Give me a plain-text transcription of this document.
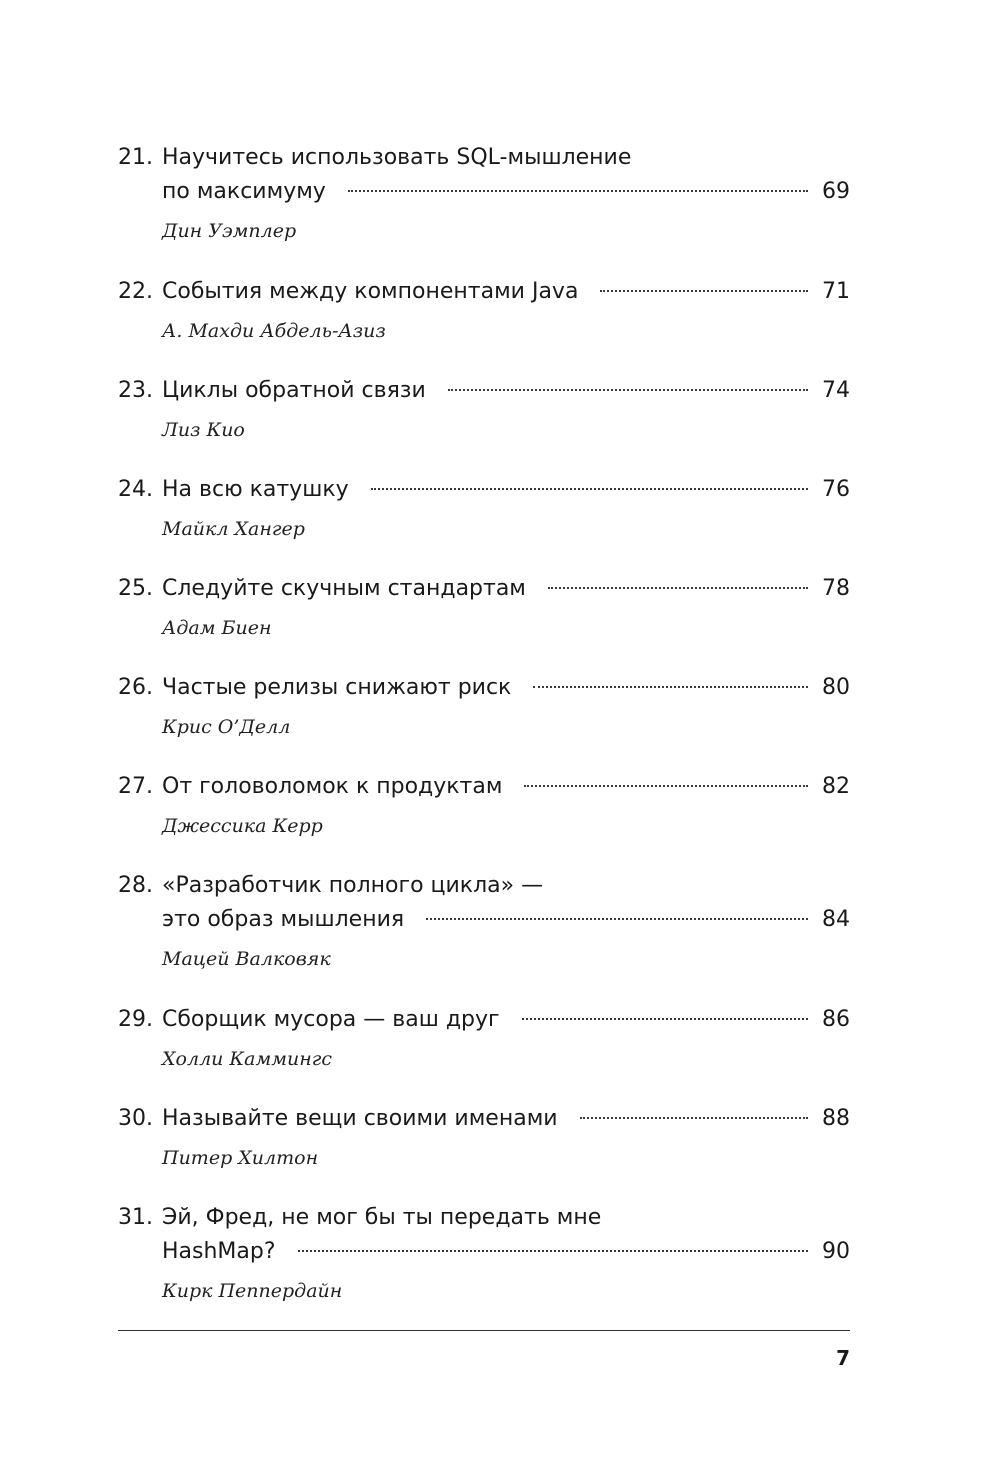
21. Научитесь использовать SQL-мышление
по максимуму	69
Дин Уэмплер
22. События между компонентами Java	71
А. Махди Абдель-Азиз
23. Циклы обратной связи	74
Лиз Кио
24. На всю катушку	76
Майкл Хангер
25. Следуйте скучным стандартам	78
Адам Биен
26. Частые релизы снижают риск	80
Крис О’Делл
27. От головоломок к продуктам	82
Джессика Керр
28. «Разработчик полного цикла» —
это образ мышления	84
Мацей Валковяк
29. Сборщик мусора — ваш друг	86
Холли Каммингс
30. Называйте вещи своими именами	88
Питер Хилтон
31. Эй, Фред, не мог бы ты передать мне
HashMap?	90
Кирк Пеппердайн
7
